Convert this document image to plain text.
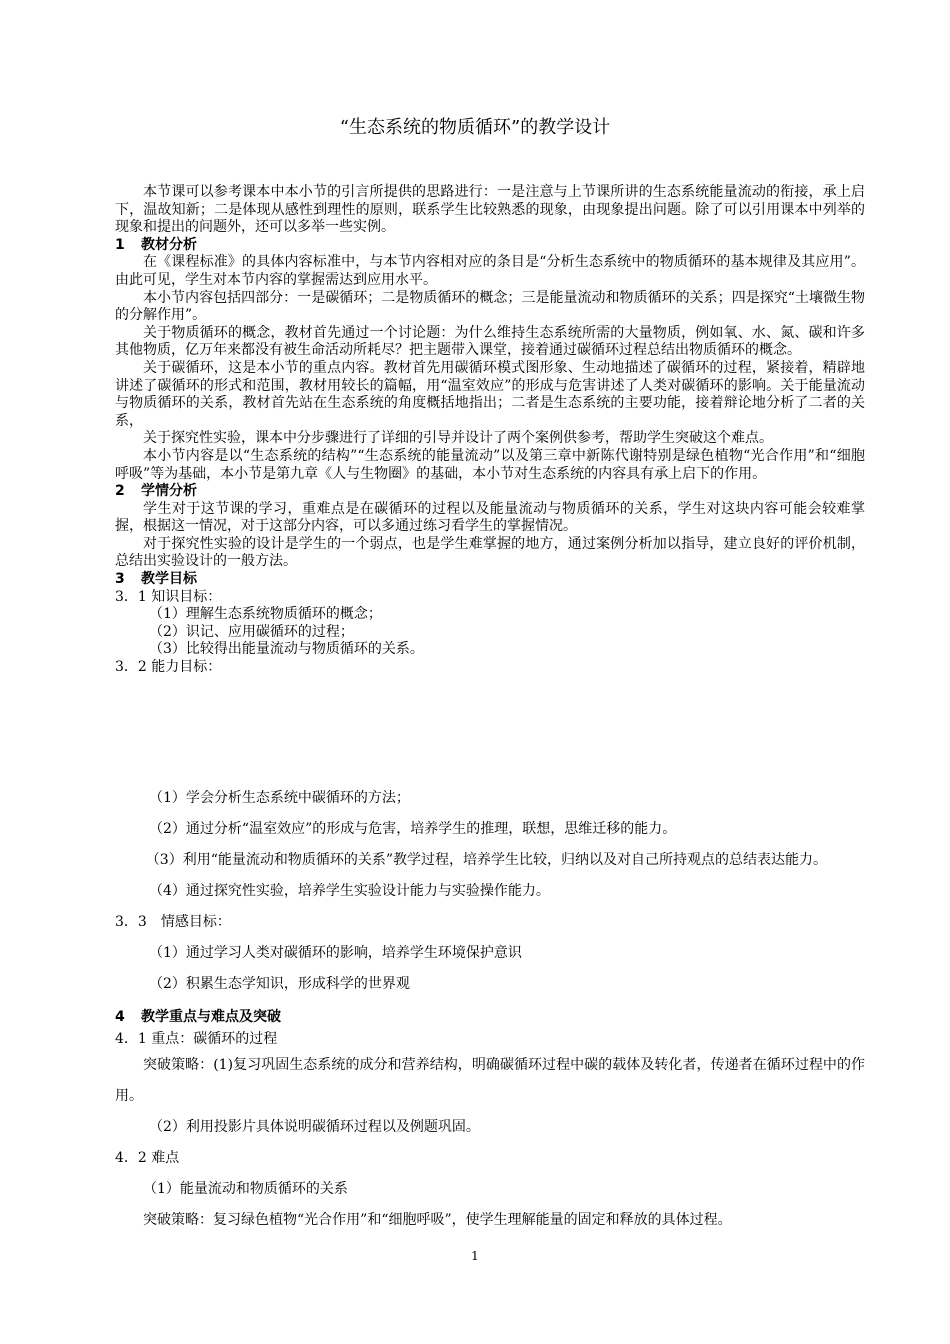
“生态系统的物质循环”的教学设计

本节课可以参考课本中本小节的引言所提供的思路进行：一是注意与上节课所讲的生态系统能量流动的衔接，承上启下，温故知新；二是体现从感性到理性的原则，联系学生比较熟悉的现象，由现象提出问题。除了可以引用课本中列举的现象和提出的问题外，还可以多举一些实例。

1 教材分析

在《课程标准》的具体内容标准中，与本节内容相对应的条目是“分析生态系统中的物质循环的基本规律及其应用”。由此可见，学生对本节内容的掌握需达到应用水平。

本小节内容包括四部分：一是碳循环；二是物质循环的概念；三是能量流动和物质循环的关系；四是探究“土壤微生物的分解作用”。

关于物质循环的概念，教材首先通过一个讨论题：为什么维持生态系统所需的大量物质，例如氧、水、氮、碳和许多其他物质，亿万年来都没有被生命活动所耗尽？把主题带入课堂，接着通过碳循环过程总结出物质循环的概念。

关于碳循环，这是本小节的重点内容。教材首先用碳循环模式图形象、生动地描述了碳循环的过程，紧接着，精辟地讲述了碳循环的形式和范围，教材用较长的篇幅，用“温室效应”的形成与危害讲述了人类对碳循环的影响。关于能量流动与物质循环的关系，教材首先站在生态系统的角度概括地指出；二者是生态系统的主要功能，接着辩论地分析了二者的关系，

关于探究性实验，课本中分步骤进行了详细的引导并设计了两个案例供参考，帮助学生突破这个难点。

本小节内容是以“生态系统的结构”“生态系统的能量流动”以及第三章中新陈代谢特别是绿色植物“光合作用”和“细胞呼吸”等为基础，本小节是第九章《人与生物圈》的基础，本小节对生态系统的内容具有承上启下的作用。

2 学情分析

学生对于这节课的学习，重难点是在碳循环的过程以及能量流动与物质循环的关系，学生对这块内容可能会较难掌握，根据这一情况，对于这部分内容，可以多通过练习看学生的掌握情况。

对于探究性实验的设计是学生的一个弱点，也是学生难掌握的地方，通过案例分析加以指导，建立良好的评价机制，总结出实验设计的一般方法。

3 教学目标

3．1 知识目标：

（1）理解生态系统物质循环的概念；

（2）识记、应用碳循环的过程；

（3）比较得出能量流动与物质循环的关系。

3．2 能力目标：

（1）学会分析生态系统中碳循环的方法；

（2）通过分析“温室效应”的形成与危害，培养学生的推理，联想，思维迁移的能力。

（3）利用“能量流动和物质循环的关系”教学过程，培养学生比较，归纳以及对自己所持观点的总结表达能力。

（4）通过探究性实验，培养学生实验设计能力与实验操作能力。

3．3　情感目标：

（1）通过学习人类对碳循环的影响，培养学生环境保护意识

（2）积累生态学知识，形成科学的世界观

4 教学重点与难点及突破

4．1 重点：碳循环的过程

突破策略：(1)复习巩固生态系统的成分和营养结构，明确碳循环过程中碳的载体及转化者，传递者在循环过程中的作用。

（2）利用投影片具体说明碳循环过程以及例题巩固。

4．2 难点

（1）能量流动和物质循环的关系

突破策略：复习绿色植物“光合作用”和“细胞呼吸”，使学生理解能量的固定和释放的具体过程。

1
